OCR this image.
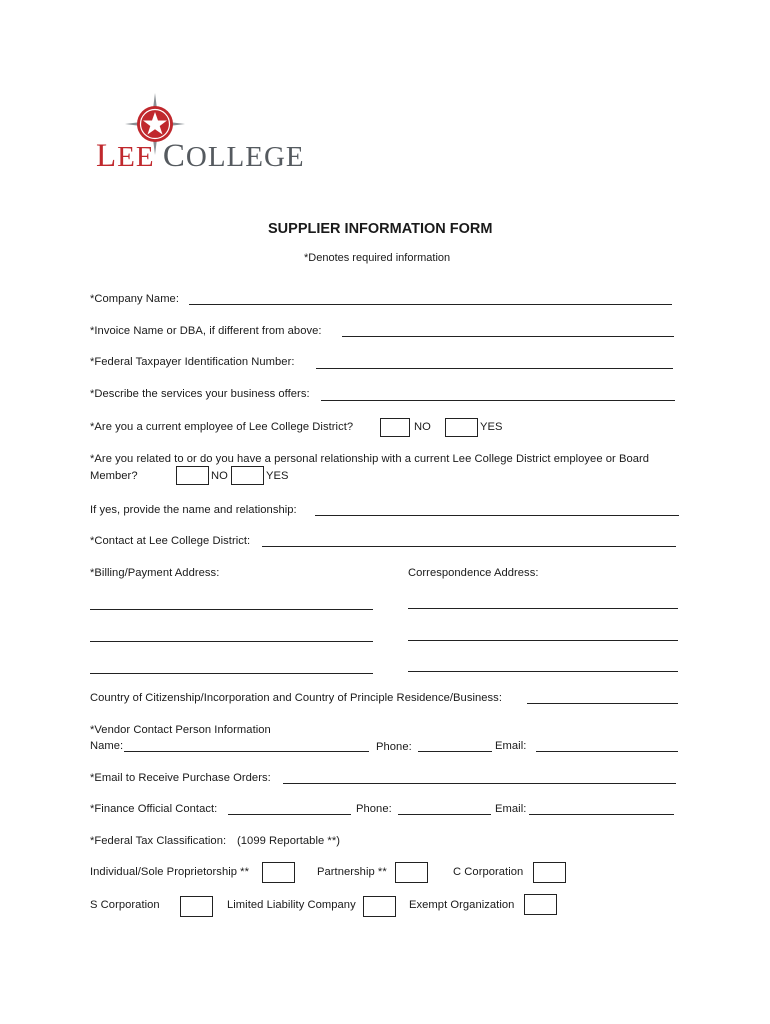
LEE COLLEGE
SUPPLIER INFORMATION FORM
*Denotes required information
*Company Name:
*Invoice Name or DBA, if different from above:
*Federal Taxpayer Identification Number:
*Describe the services your business offers:
*Are you a current employee of Lee College District?	NO	YES
*Are you related to or do you have a personal relationship with a current Lee College District employee or Board
Member?	NO	YES
If yes, provide the name and relationship:
*Contact at Lee College District:
*Billing/Payment Address:	Correspondence Address:
Country of Citizenship/Incorporation and Country of Principle Residence/Business:
*Vendor Contact Person Information
Name:	Phone:	Email:
*Email to Receive Purchase Orders:
*Finance Official Contact:	Phone:	Email:
*Federal Tax Classification: (1099 Reportable **)
Individual/Sole Proprietorship **	Partnership **	C Corporation
S Corporation	Limited Liability Company	Exempt Organization
